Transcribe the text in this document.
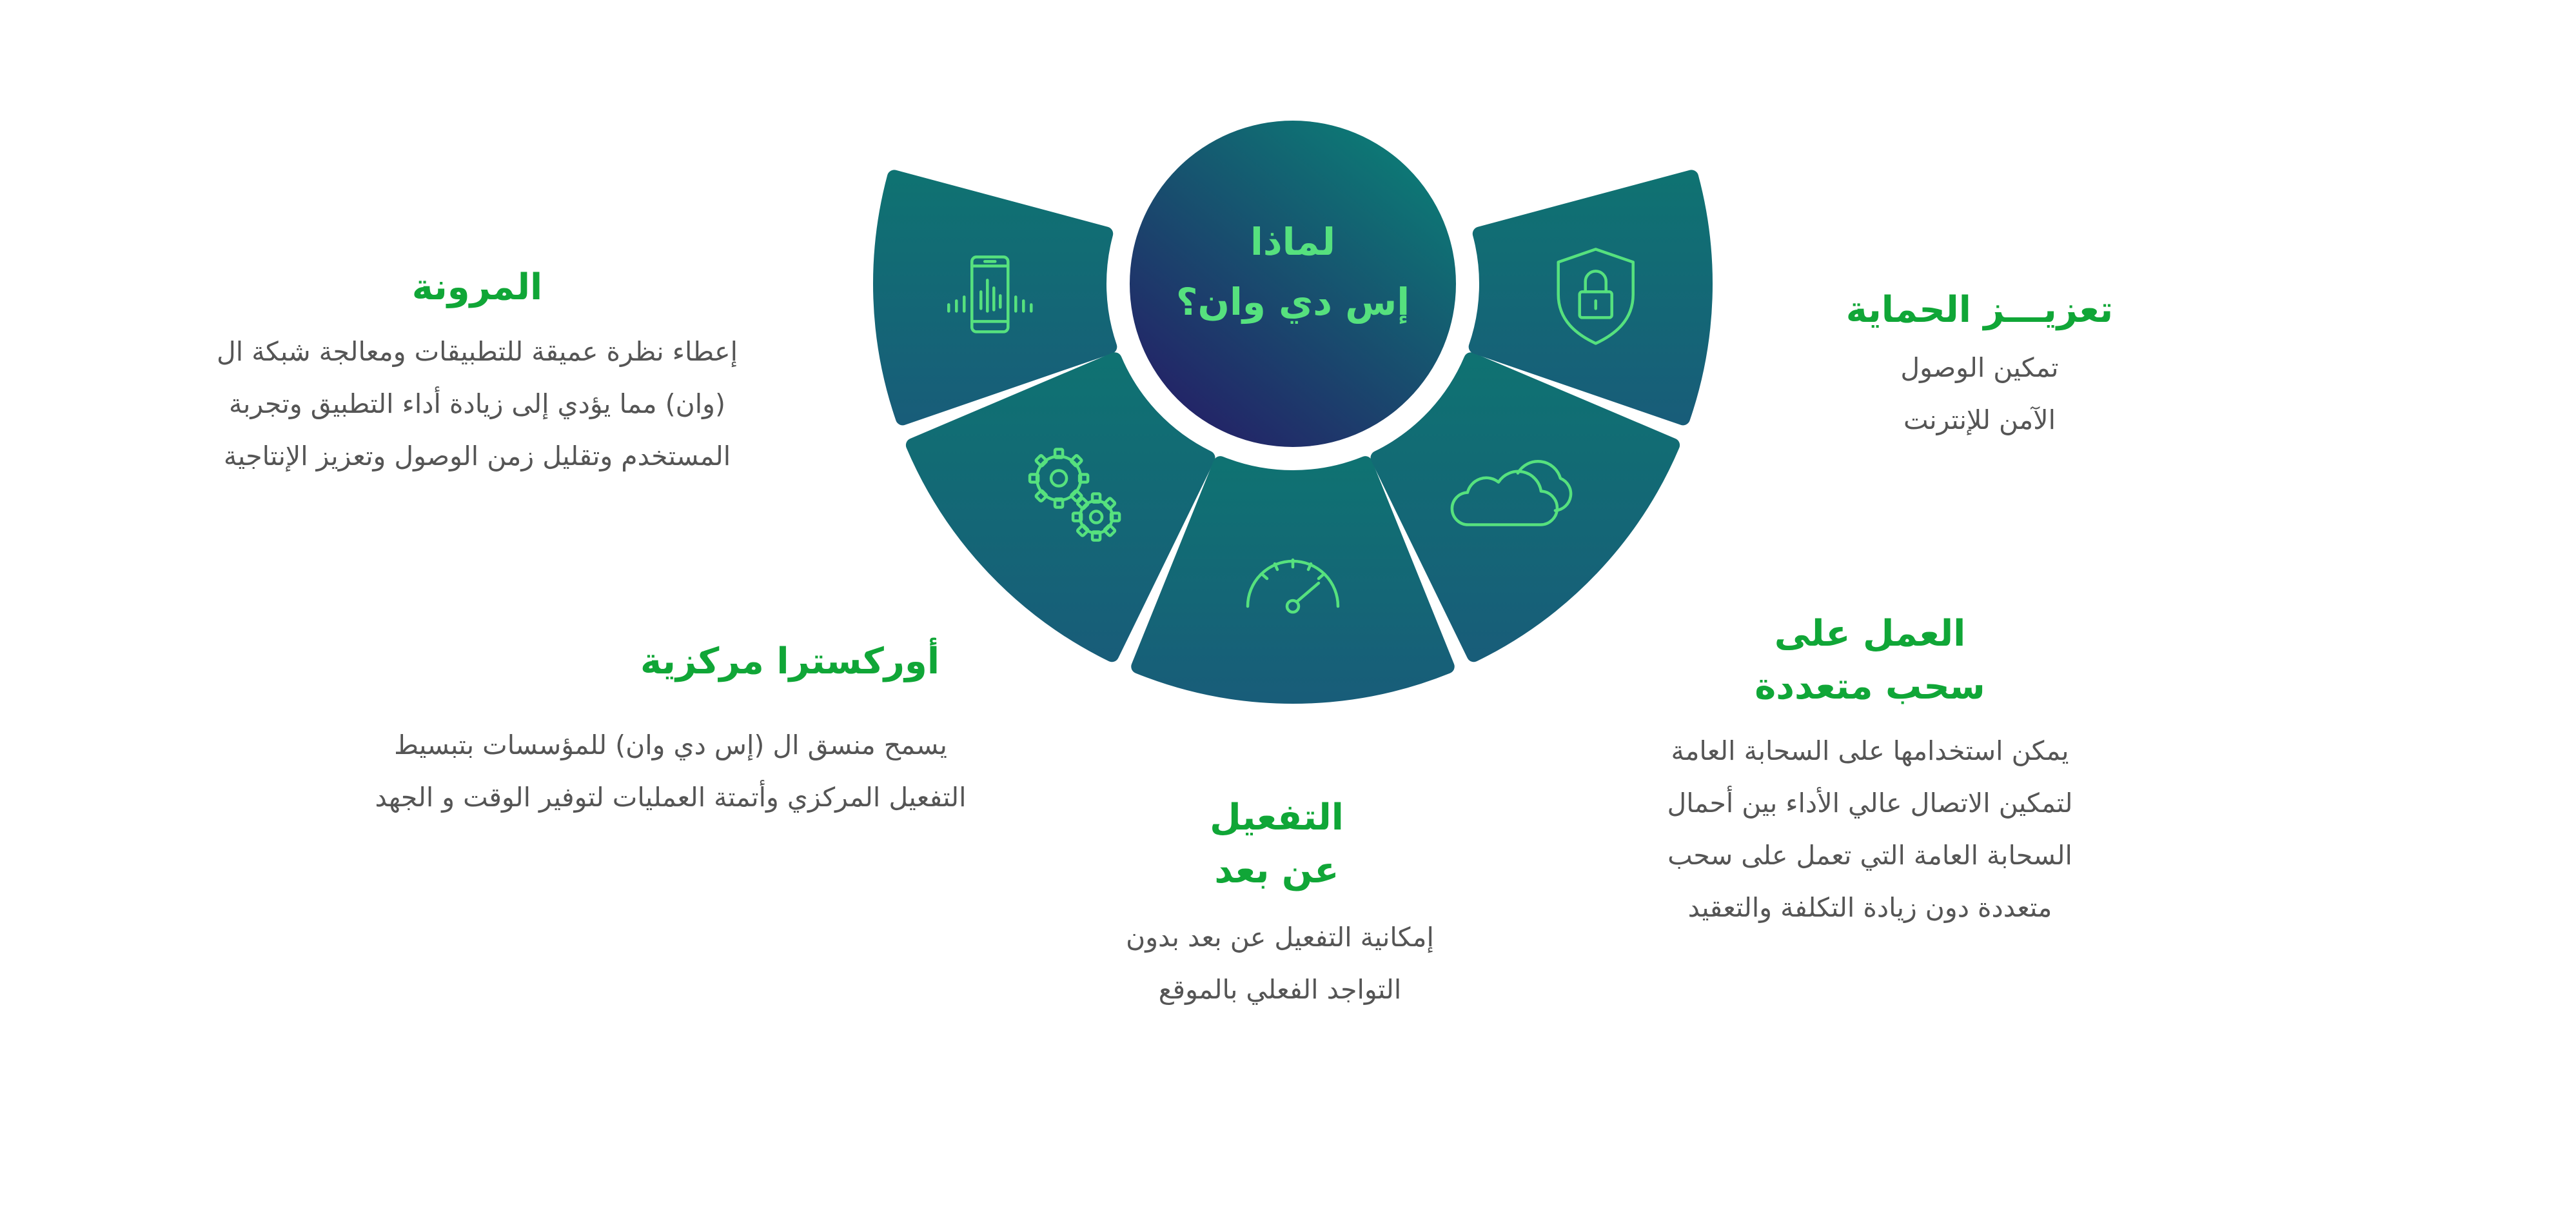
لماذا
إس دي وان؟
المرونة
إعطاء نظرة عميقة للتطبيقات ومعالجة شبكة ال
(وان) مما يؤدي إلى زيادة أداء التطبيق وتجربة
المستخدم وتقليل زمن الوصول وتعزيز الإنتاجية
أوركسترا مركزية
يسمح منسق ال (إس دي وان) للمؤسسات بتبسيط
التفعيل المركزي وأتمتة العمليات لتوفير الوقت و الجهد	التفعيل
عن بعد
إمكانية التفعيل عن بعد بدون
التواجد الفعلي بالموقع
العمل على
سحب متعددة
يمكن استخدامها على السحابة العامة
لتمكين الاتصال عالي الأداء بين أحمال
السحابة العامة التي تعمل على سحب
متعددة دون زيادة التكلفة والتعقيد
تعزيـــز الحماية
تمكين الوصول
الآمن للإنترنت
